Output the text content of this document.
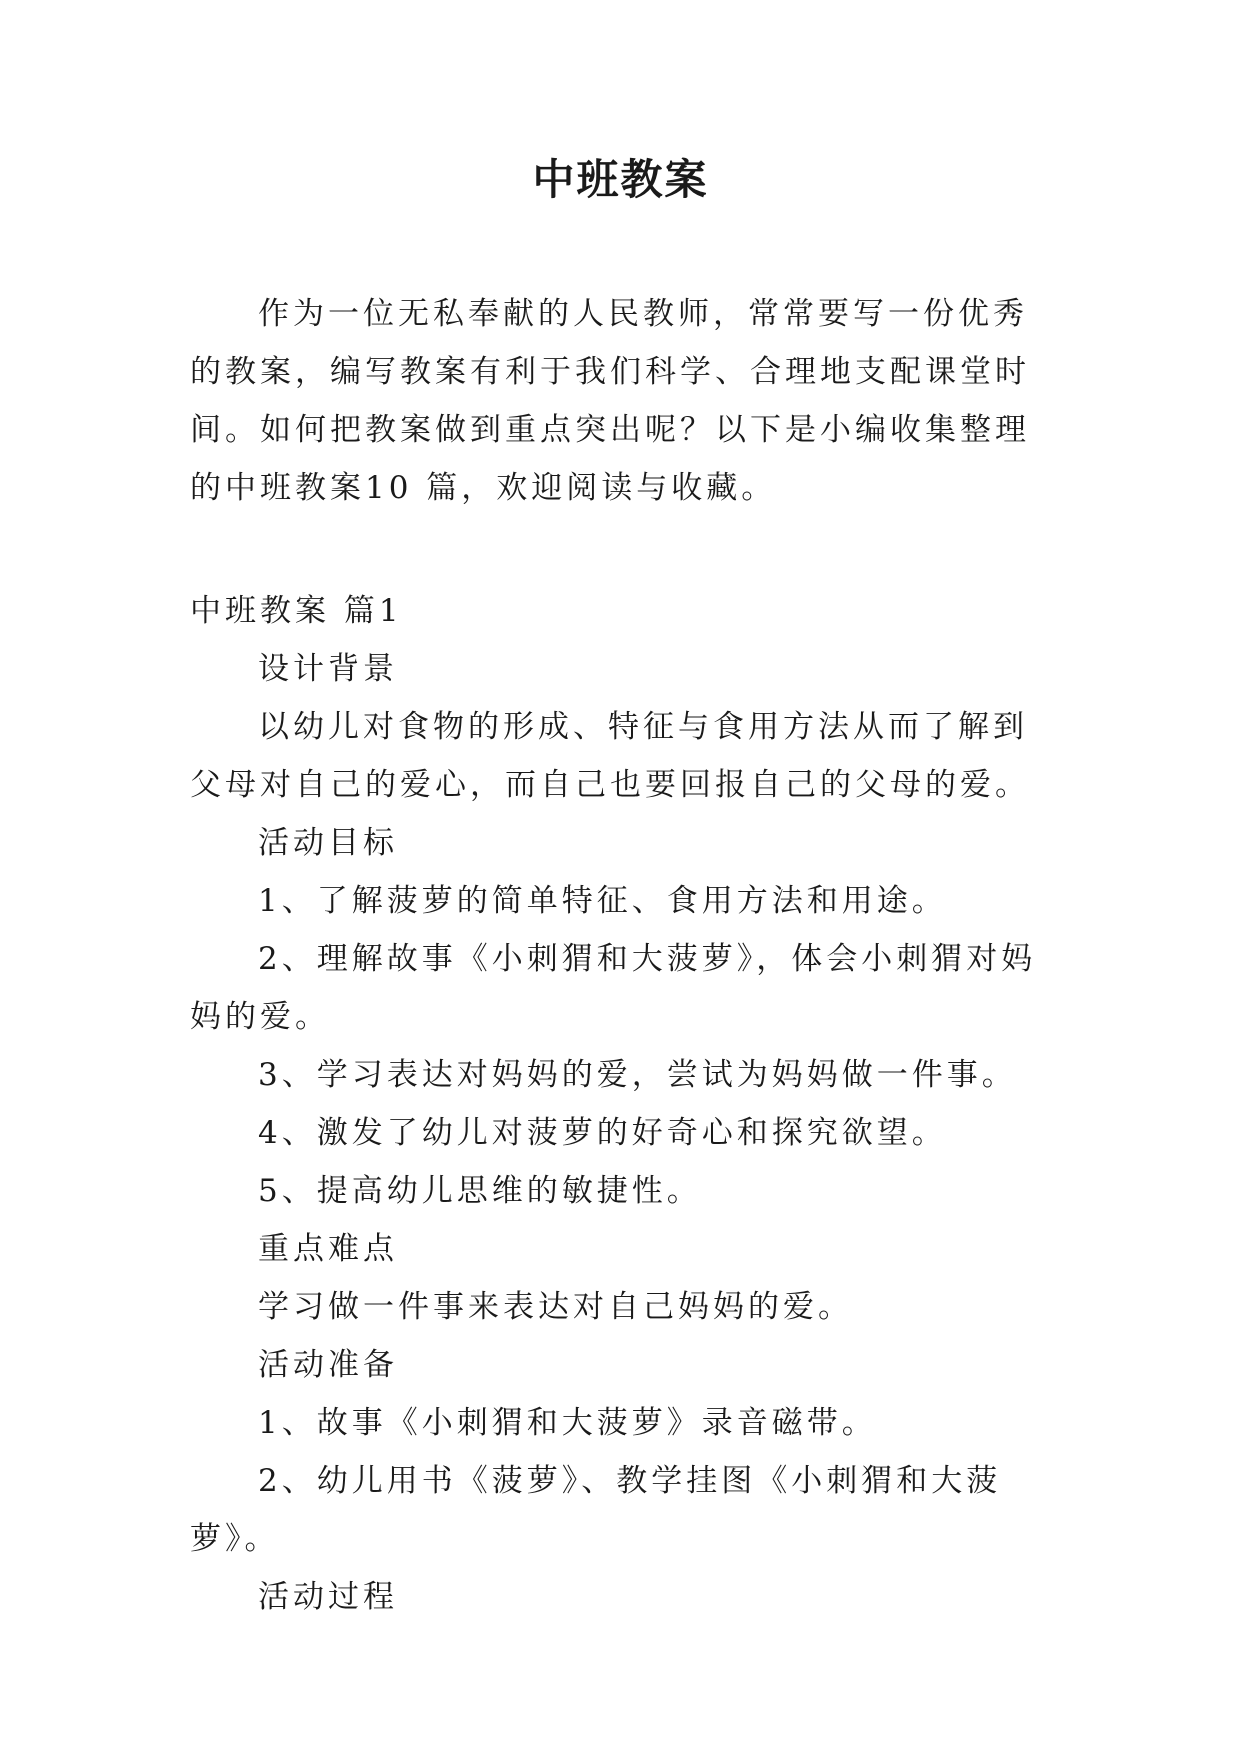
中班教案

作为一位无私奉献的人民教师，常常要写一份优秀的教案，编写教案有利于我们科学、合理地支配课堂时间。如何把教案做到重点突出呢？以下是小编收集整理的中班教案10 篇，欢迎阅读与收藏。

中班教案 篇1

设计背景

以幼儿对食物的形成、特征与食用方法从而了解到父母对自己的爱心，而自己也要回报自己的父母的爱。

活动目标

1、了解菠萝的简单特征、食用方法和用途。

2、理解故事《小刺猬和大菠萝》，体会小刺猬对妈妈的爱。

3、学习表达对妈妈的爱，尝试为妈妈做一件事。

4、激发了幼儿对菠萝的好奇心和探究欲望。

5、提高幼儿思维的敏捷性。

重点难点

学习做一件事来表达对自己妈妈的爱。

活动准备

1、故事《小刺猬和大菠萝》录音磁带。

2、幼儿用书《菠萝》、教学挂图《小刺猬和大菠萝》。

活动过程
